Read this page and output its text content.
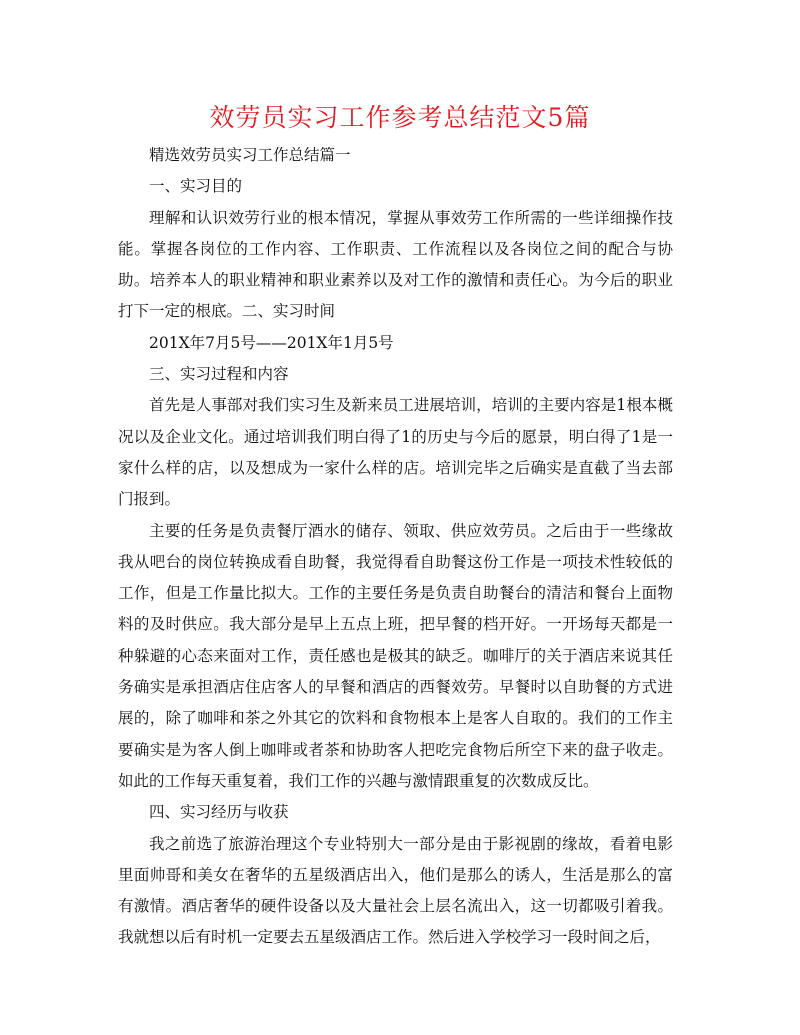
效劳员实习工作参考总结范文5篇

精选效劳员实习工作总结篇一

一、实习目的

理解和认识效劳行业的根本情况，掌握从事效劳工作所需的一些详细操作技能。掌握各岗位的工作内容、工作职责、工作流程以及各岗位之间的配合与协助。培养本人的职业精神和职业素养以及对工作的激情和责任心。为今后的职业打下一定的根底。二、实习时间

201X年7月5号——201X年1月5号

三、实习过程和内容

首先是人事部对我们实习生及新来员工进展培训，培训的主要内容是1根本概况以及企业文化。通过培训我们明白得了1的历史与今后的愿景，明白得了1是一家什么样的店，以及想成为一家什么样的店。培训完毕之后确实是直截了当去部门报到。

主要的任务是负责餐厅酒水的储存、领取、供应效劳员。之后由于一些缘故我从吧台的岗位转换成看自助餐，我觉得看自助餐这份工作是一项技术性较低的工作，但是工作量比拟大。工作的主要任务是负责自助餐台的清洁和餐台上面物料的及时供应。我大部分是早上五点上班，把早餐的档开好。一开场每天都是一种躲避的心态来面对工作，责任感也是极其的缺乏。咖啡厅的关于酒店来说其任务确实是承担酒店住店客人的早餐和酒店的西餐效劳。早餐时以自助餐的方式进展的，除了咖啡和茶之外其它的饮料和食物根本上是客人自取的。我们的工作主要确实是为客人倒上咖啡或者茶和协助客人把吃完食物后所空下来的盘子收走。如此的工作每天重复着，我们工作的兴趣与激情跟重复的次数成反比。

四、实习经历与收获

我之前选了旅游治理这个专业特别大一部分是由于影视剧的缘故，看着电影里面帅哥和美女在奢华的五星级酒店出入，他们是那么的诱人，生活是那么的富有激情。酒店奢华的硬件设备以及大量社会上层名流出入，这一切都吸引着我。我就想以后有时机一定要去五星级酒店工作。然后进入学校学习一段时间之后，
